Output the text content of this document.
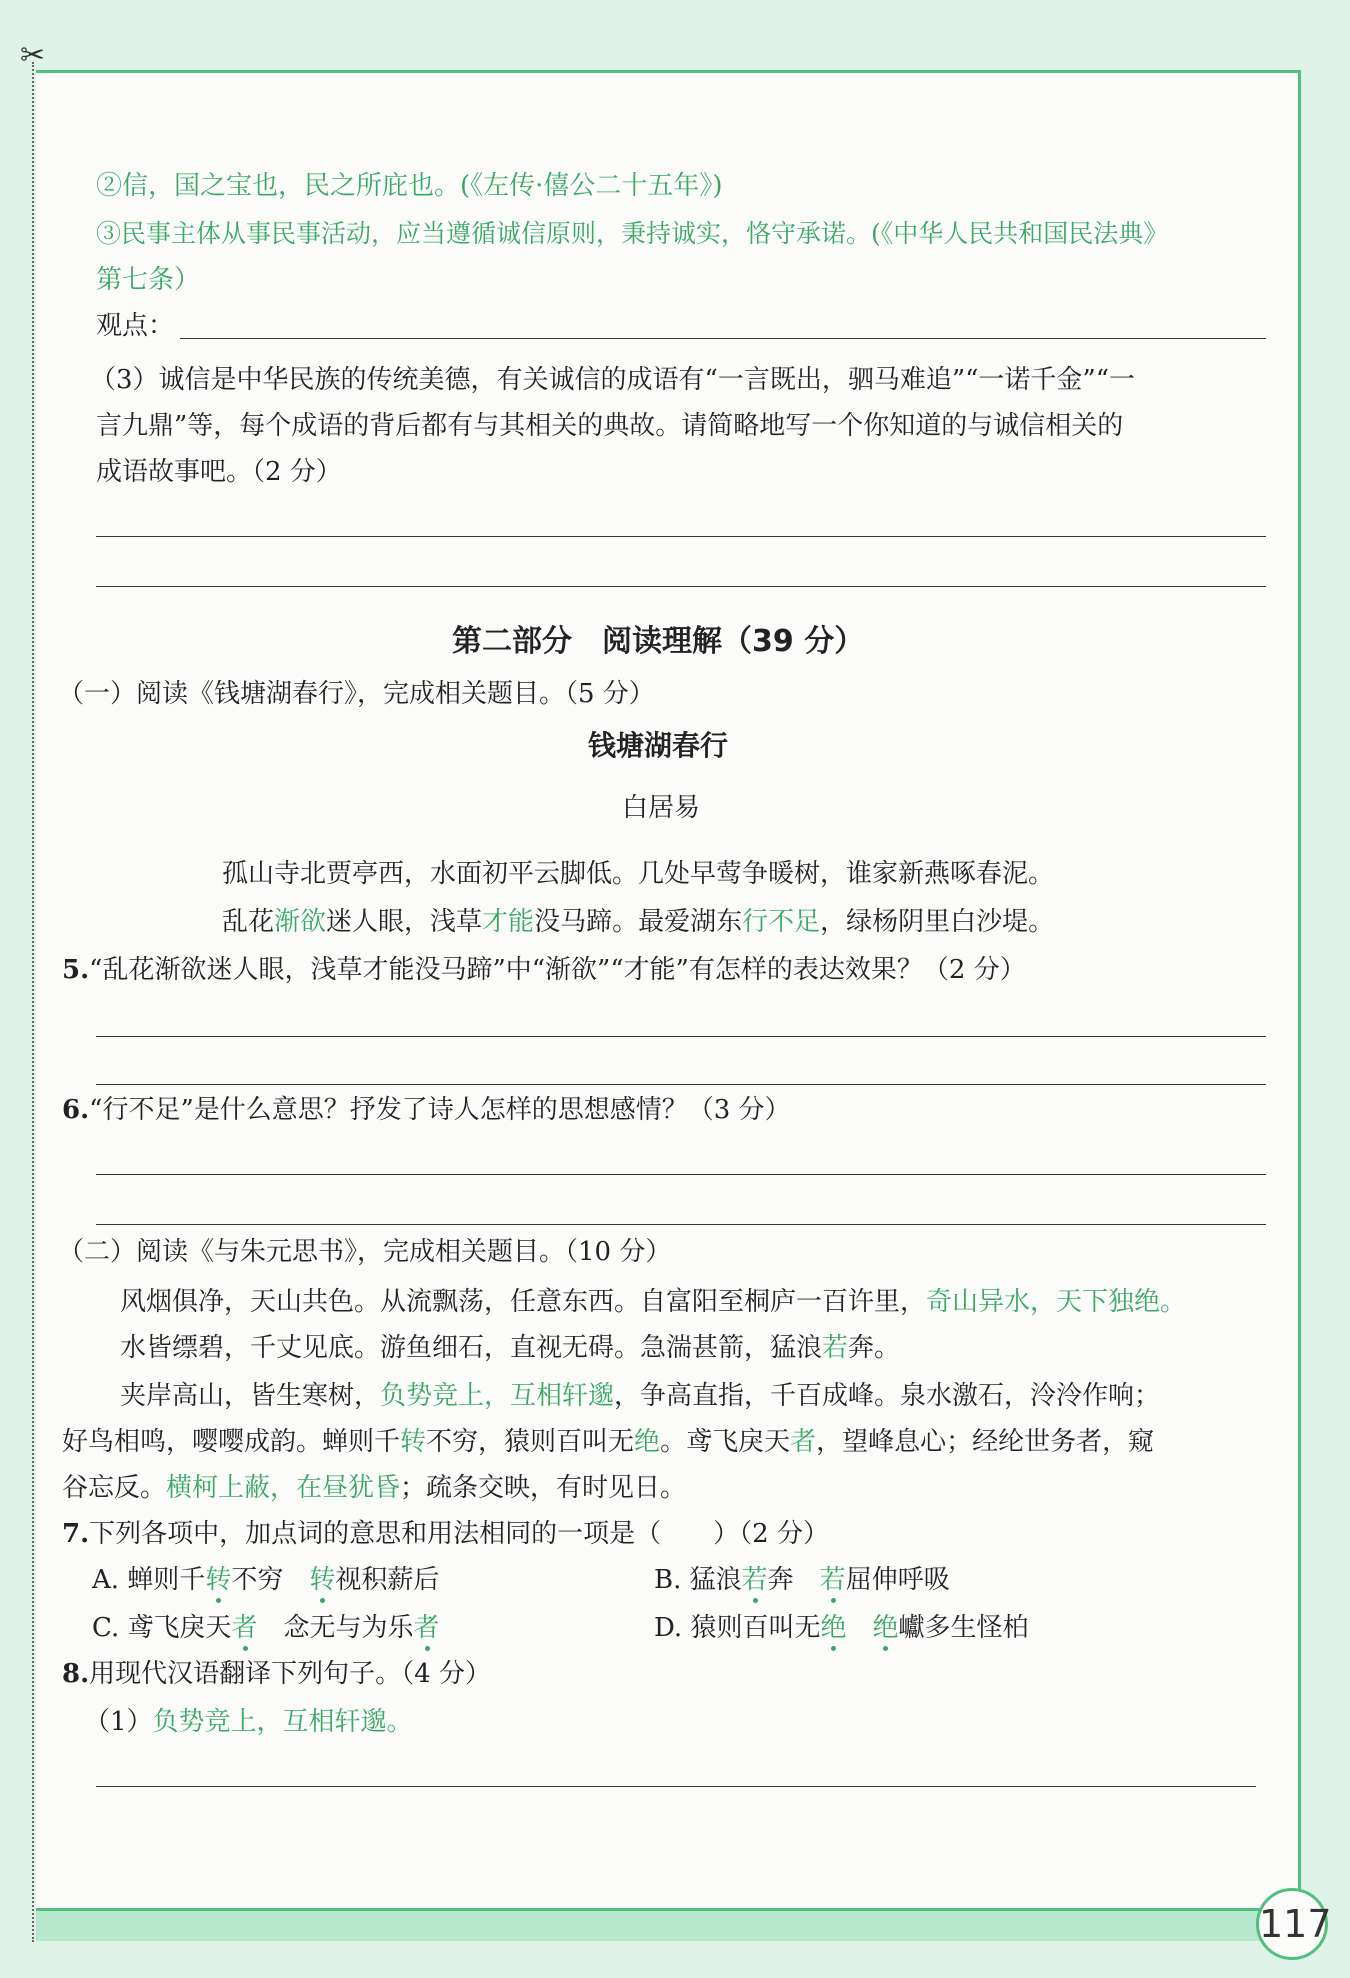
✂
117
②信，国之宝也，民之所庇也。(《左传·僖公二十五年》)
③民事主体从事民事活动，应当遵循诚信原则，秉持诚实，恪守承诺。(《中华人民共和国民法典》
第七条）
观点：
（3）诚信是中华民族的传统美德，有关诚信的成语有“一言既出，驷马难追”“一诺千金”“一
言九鼎”等，每个成语的背后都有与其相关的典故。请简略地写一个你知道的与诚信相关的
成语故事吧。（2 分）
第二部分　阅读理解（39 分）
（一）阅读《钱塘湖春行》，完成相关题目。（5 分）
钱塘湖春行
白居易
孤山寺北贾亭西，水面初平云脚低。几处早莺争暖树，谁家新燕啄春泥。
乱花渐欲迷人眼，浅草才能没马蹄。最爱湖东行不足，绿杨阴里白沙堤。
5.“乱花渐欲迷人眼，浅草才能没马蹄”中“渐欲”“才能”有怎样的表达效果？（2 分）
6.“行不足”是什么意思？抒发了诗人怎样的思想感情？（3 分）
（二）阅读《与朱元思书》，完成相关题目。（10 分）
风烟俱净，天山共色。从流飘荡，任意东西。自富阳至桐庐一百许里，奇山异水，天下独绝。
水皆缥碧，千丈见底。游鱼细石，直视无碍。急湍甚箭，猛浪若奔。
夹岸高山，皆生寒树，负势竞上，互相轩邈，争高直指，千百成峰。泉水激石，泠泠作响；
好鸟相鸣，嘤嘤成韵。蝉则千转不穷，猿则百叫无绝。鸢飞戾天者，望峰息心；经纶世务者，窥
谷忘反。横柯上蔽，在昼犹昏；疏条交映，有时见日。
7.下列各项中，加点词的意思和用法相同的一项是（　　）（2 分）
A. 蝉则千转不穷　转视积薪后	B. 猛浪若奔　若屈伸呼吸
C. 鸢飞戾天者　念无与为乐者	D. 猿则百叫无绝　 绝巘多生怪柏
8.用现代汉语翻译下列句子。（4 分）
（1）负势竞上，互相轩邈。
